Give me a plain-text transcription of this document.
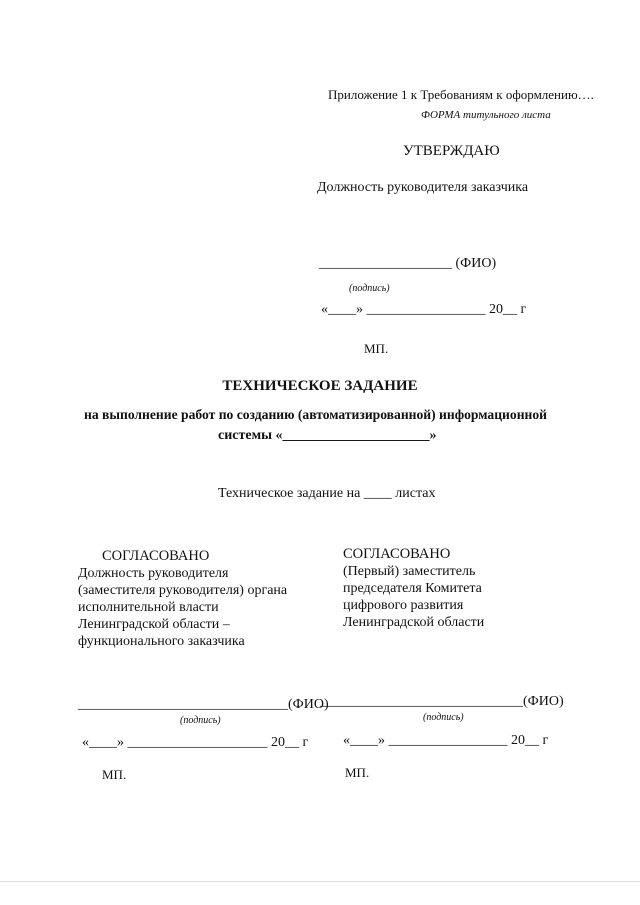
Приложение 1 к Требованиям к оформлению….
ФОРМА титульного листа
УТВЕРЖДАЮ
Должность руководителя заказчика
___________________ (ФИО)
(подпись)
«____» _________________ 20__ г
МП.
ТЕХНИЧЕСКОЕ ЗАДАНИЕ
на выполнение работ по созданию (автоматизированной) информационной
системы «_____________________»
Техническое задание на ____ листах
СОГЛАСОВАНО
Должность руководителя
(заместителя руководителя) органа
исполнительной власти
Ленинградской области –
функционального заказчика
______________________________(ФИО)
(подпись)
«____» ____________________ 20__ г
МП.
СОГЛАСОВАНО
(Первый) заместитель
председателя Комитета
цифрового развития
Ленинградской области
_____________________________(ФИО)
(подпись)
«____» _________________ 20__ г
МП.
